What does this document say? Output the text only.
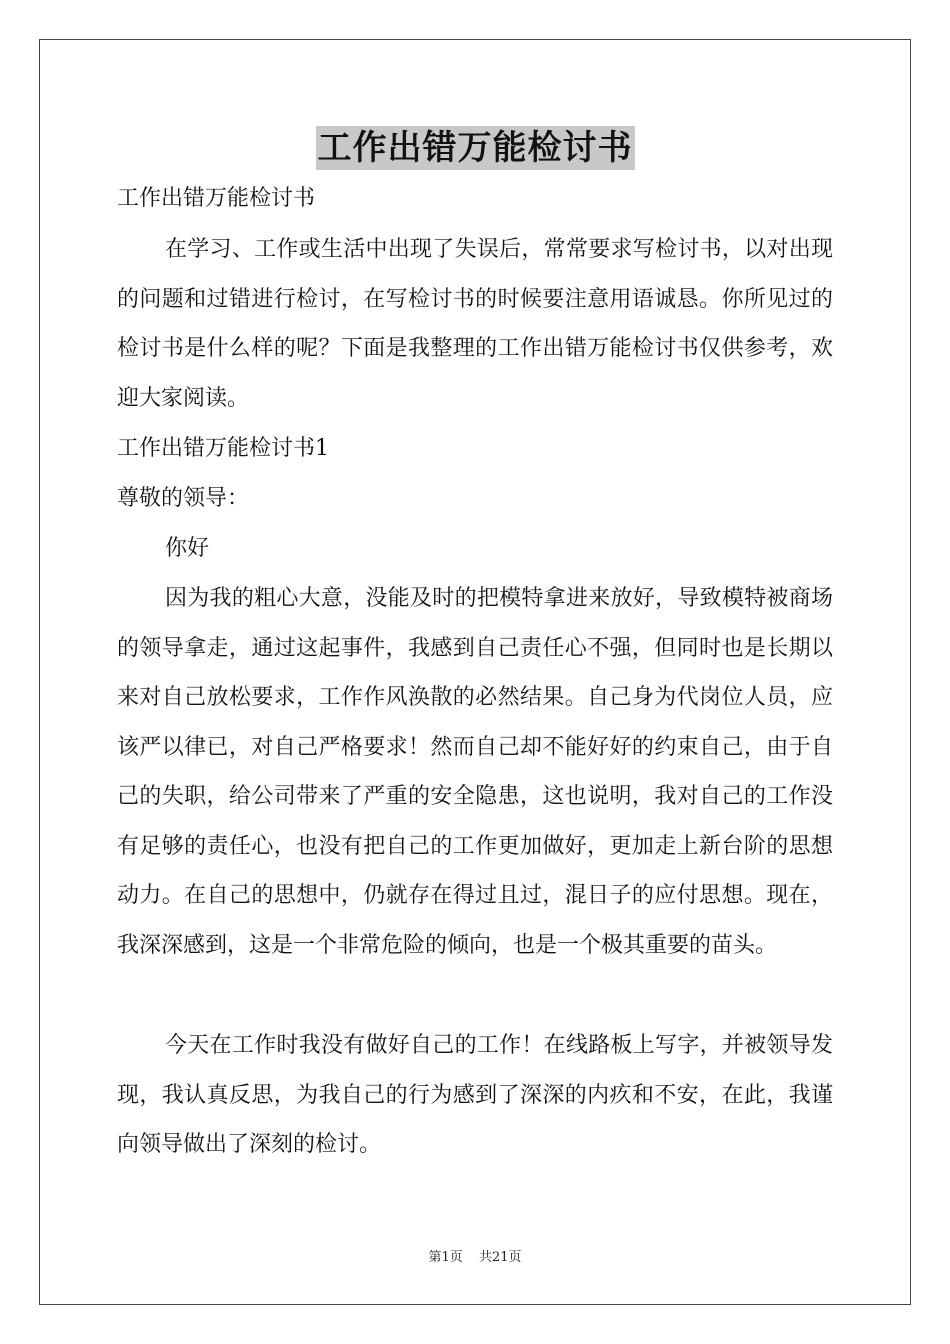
工作出错万能检讨书
工作出错万能检讨书
在学习、工作或生活中出现了失误后，常常要求写检讨书，以对出现的问题和过错进行检讨，在写检讨书的时候要注意用语诚恳。你所见过的检讨书是什么样的呢？下面是我整理的工作出错万能检讨书仅供参考，欢迎大家阅读。
工作出错万能检讨书1
尊敬的领导：
你好
因为我的粗心大意，没能及时的把模特拿进来放好，导致模特被商场的领导拿走，通过这起事件，我感到自己责任心不强，但同时也是长期以来对自己放松要求，工作作风涣散的必然结果。自己身为代岗位人员，应该严以律已，对自己严格要求！然而自己却不能好好的约束自己，由于自己的失职，给公司带来了严重的安全隐患，这也说明，我对自己的工作没有足够的责任心，也没有把自己的工作更加做好，更加走上新台阶的思想动力。在自己的思想中，仍就存在得过且过，混日子的应付思想。现在，我深深感到，这是一个非常危险的倾向，也是一个极其重要的苗头。
今天在工作时我没有做好自己的工作！在线路板上写字，并被领导发现，我认真反思，为我自己的行为感到了深深的内疚和不安，在此，我谨向领导做出了深刻的检讨。
第1页 共21页
